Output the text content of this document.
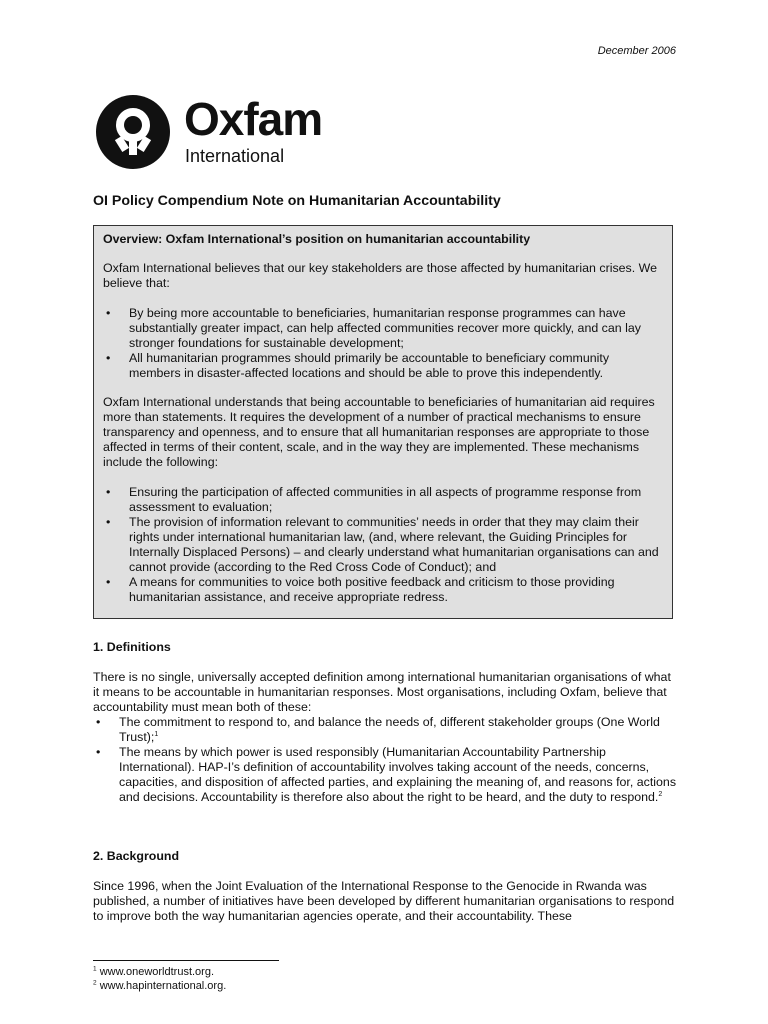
December 2006
Oxfam
International
OI Policy Compendium Note on Humanitarian Accountability

Overview: Oxfam International’s position on humanitarian accountability

Oxfam International believes that our key stakeholders are those affected by humanitarian crises. We believe that:

• By being more accountable to beneficiaries, humanitarian response programmes can have substantially greater impact, can help affected communities recover more quickly, and can lay stronger foundations for sustainable development;
• All humanitarian programmes should primarily be accountable to beneficiary community members in disaster-affected locations and should be able to prove this independently.

Oxfam International understands that being accountable to beneficiaries of humanitarian aid requires more than statements. It requires the development of a number of practical mechanisms to ensure transparency and openness, and to ensure that all humanitarian responses are appropriate to those affected in terms of their content, scale, and in the way they are implemented. These mechanisms include the following:

• Ensuring the participation of affected communities in all aspects of programme response from assessment to evaluation;
• The provision of information relevant to communities’ needs in order that they may claim their rights under international humanitarian law, (and, where relevant, the Guiding Principles for Internally Displaced Persons) – and clearly understand what humanitarian organisations can and cannot provide (according to the Red Cross Code of Conduct); and
• A means for communities to voice both positive feedback and criticism to those providing humanitarian assistance, and receive appropriate redress.

1. Definitions

There is no single, universally accepted definition among international humanitarian organisations of what it means to be accountable in humanitarian responses. Most organisations, including Oxfam, believe that accountability must mean both of these:

• The commitment to respond to, and balance the needs of, different stakeholder groups (One World Trust);$^1$
• The means by which power is used responsibly (Humanitarian Accountability Partnership International). HAP-I’s definition of accountability involves taking account of the needs, concerns, capacities, and disposition of affected parties, and explaining the meaning of, and reasons for, actions and decisions. Accountability is therefore also about the right to be heard, and the duty to respond.$^2$

2. Background

Since 1996, when the Joint Evaluation of the International Response to the Genocide in Rwanda was published, a number of initiatives have been developed by different humanitarian organisations to respond to improve both the way humanitarian agencies operate, and their accountability. These

$^1$ www.oneworldtrust.org.
$^2$ www.hapinternational.org.
